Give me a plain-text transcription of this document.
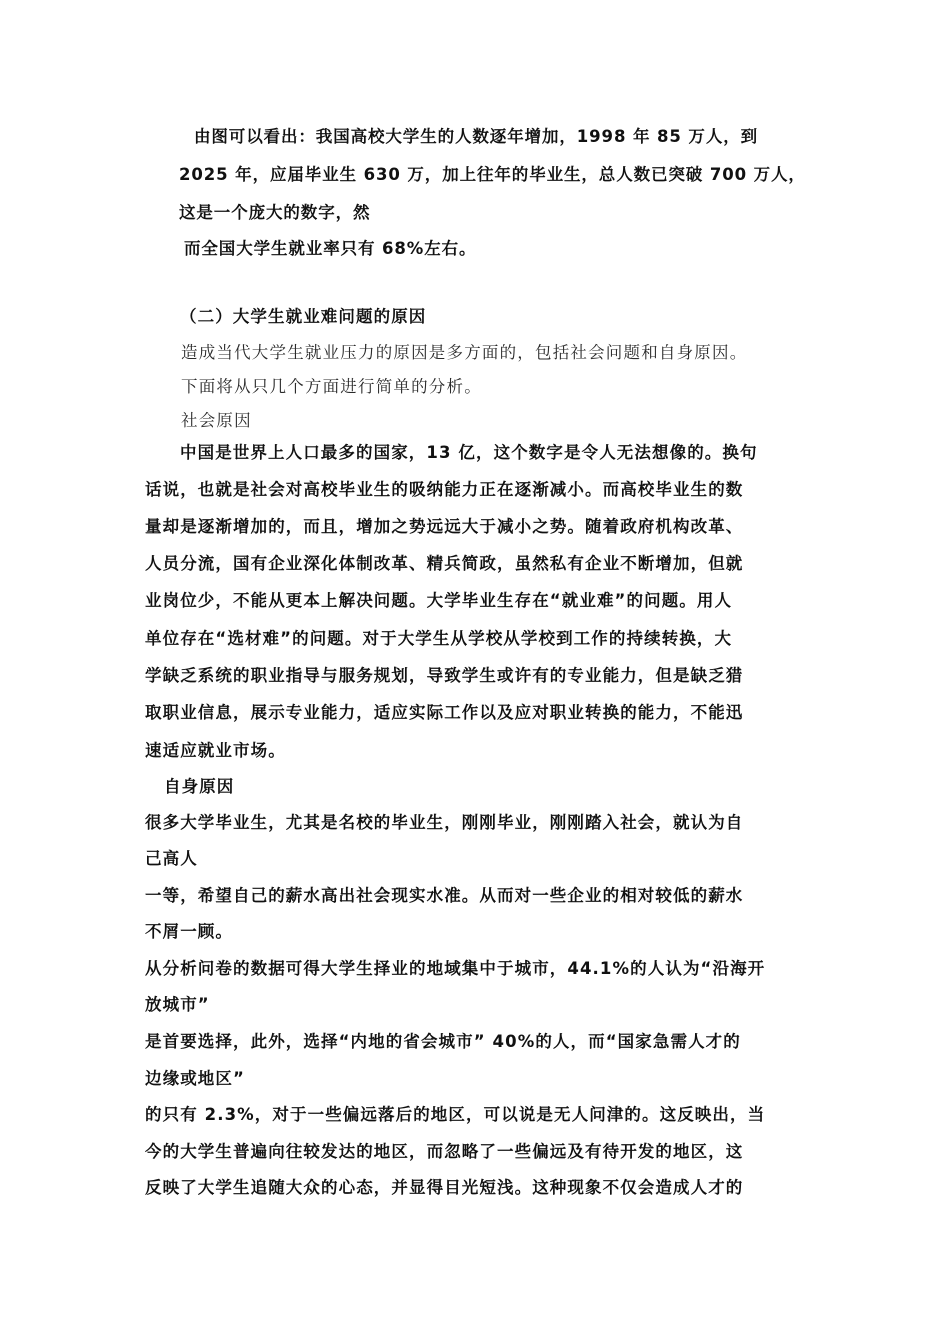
由图可以看出：我国高校大学生的人数逐年增加，1998 年 85 万人，到
2025 年，应届毕业生 630 万，加上往年的毕业生，总人数已突破 700 万人，
这是一个庞大的数字，然
而全国大学生就业率只有 68%左右。
（二）大学生就业难问题的原因
造成当代大学生就业压力的原因是多方面的，包括社会问题和自身原因。
下面将从只几个方面进行简单的分析。
社会原因
中国是世界上人口最多的国家，13 亿，这个数字是令人无法想像的。换句
话说，也就是社会对高校毕业生的吸纳能力正在逐渐减小。而高校毕业生的数
量却是逐渐增加的，而且，增加之势远远大于减小之势。随着政府机构改革、
人员分流，国有企业深化体制改革、精兵简政，虽然私有企业不断增加，但就
业岗位少，不能从更本上解决问题。大学毕业生存在“就业难”的问题。用人
单位存在“选材难”的问题。对于大学生从学校从学校到工作的持续转换，大
学缺乏系统的职业指导与服务规划，导致学生或许有的专业能力，但是缺乏猎
取职业信息，展示专业能力，适应实际工作以及应对职业转换的能力，不能迅
速适应就业市场。
自身原因
很多大学毕业生，尤其是名校的毕业生，刚刚毕业，刚刚踏入社会，就认为自
己高人
一等，希望自己的薪水高出社会现实水准。从而对一些企业的相对较低的薪水
不屑一顾。
从分析问卷的数据可得大学生择业的地域集中于城市，44.1%的人认为“沿海开
放城市”
是首要选择，此外，选择“内地的省会城市” 40%的人，而“国家急需人才的
边缘或地区”
的只有 2.3%，对于一些偏远落后的地区，可以说是无人问津的。这反映出，当
今的大学生普遍向往较发达的地区，而忽略了一些偏远及有待开发的地区，这
反映了大学生追随大众的心态，并显得目光短浅。这种现象不仅会造成人才的
